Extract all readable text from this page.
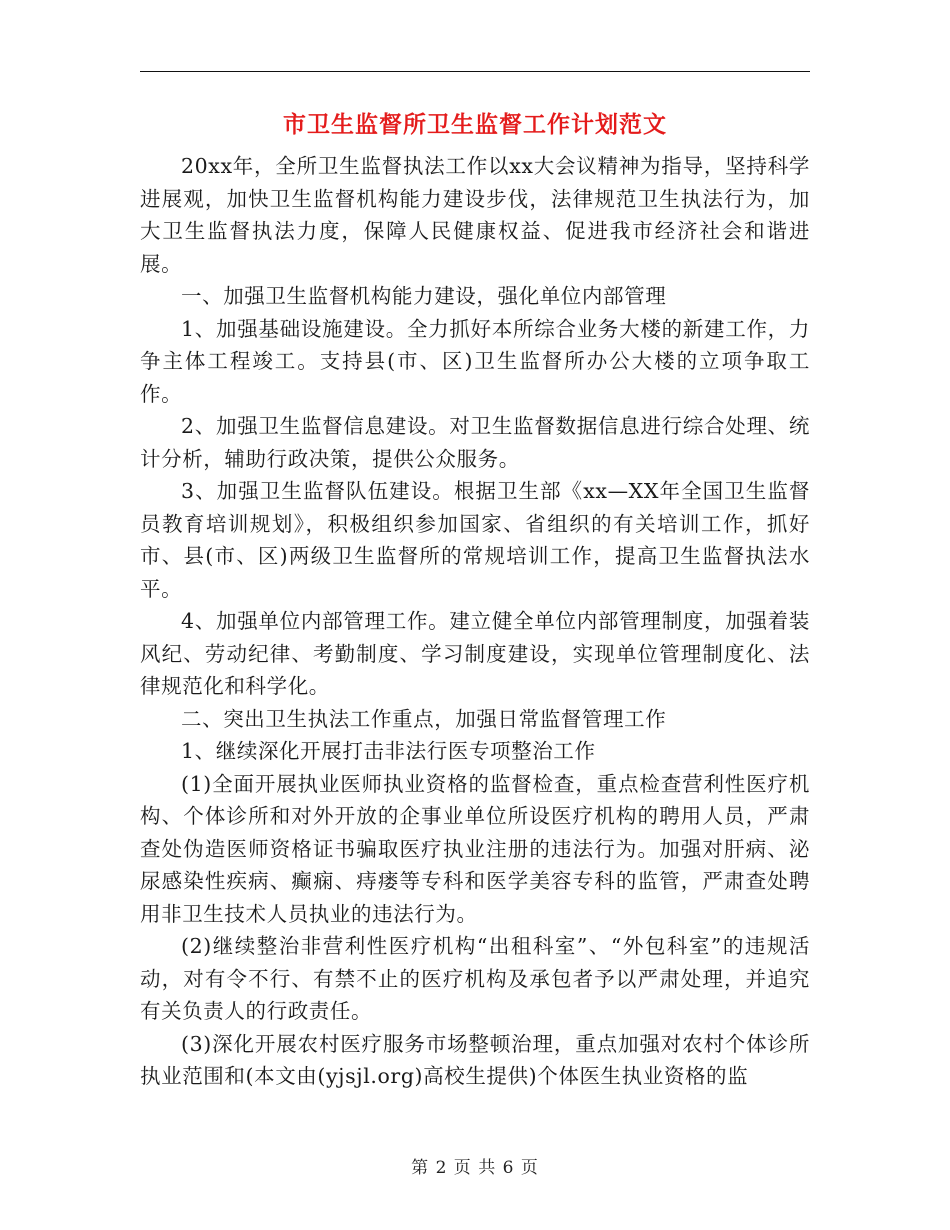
市卫生监督所卫生监督工作计划范文

20xx年，全所卫生监督执法工作以xx大会议精神为指导，坚持科学进展观，加快卫生监督机构能力建设步伐，法律规范卫生执法行为，加大卫生监督执法力度，保障人民健康权益、促进我市经济社会和谐进展。

一、加强卫生监督机构能力建设，强化单位内部管理

1、加强基础设施建设。全力抓好本所综合业务大楼的新建工作，力争主体工程竣工。支持县(市、区)卫生监督所办公大楼的立项争取工作。

2、加强卫生监督信息建设。对卫生监督数据信息进行综合处理、统计分析，辅助行政决策，提供公众服务。

3、加强卫生监督队伍建设。根据卫生部《xx—XX年全国卫生监督员教育培训规划》，积极组织参加国家、省组织的有关培训工作，抓好市、县(市、区)两级卫生监督所的常规培训工作，提高卫生监督执法水平。

4、加强单位内部管理工作。建立健全单位内部管理制度，加强着装风纪、劳动纪律、考勤制度、学习制度建设，实现单位管理制度化、法律规范化和科学化。

二、突出卫生执法工作重点，加强日常监督管理工作

1、继续深化开展打击非法行医专项整治工作

(1)全面开展执业医师执业资格的监督检查，重点检查营利性医疗机构、个体诊所和对外开放的企事业单位所设医疗机构的聘用人员，严肃查处伪造医师资格证书骗取医疗执业注册的违法行为。加强对肝病、泌尿感染性疾病、癫痫、痔瘘等专科和医学美容专科的监管，严肃查处聘用非卫生技术人员执业的违法行为。

(2)继续整治非营利性医疗机构“出租科室”、“外包科室”的违规活动，对有令不行、有禁不止的医疗机构及承包者予以严肃处理，并追究有关负责人的行政责任。

(3)深化开展农村医疗服务市场整顿治理，重点加强对农村个体诊所执业范围和(本文由(yjsjl.org)高校生提供)个体医生执业资格的监

第 2 页 共 6 页
